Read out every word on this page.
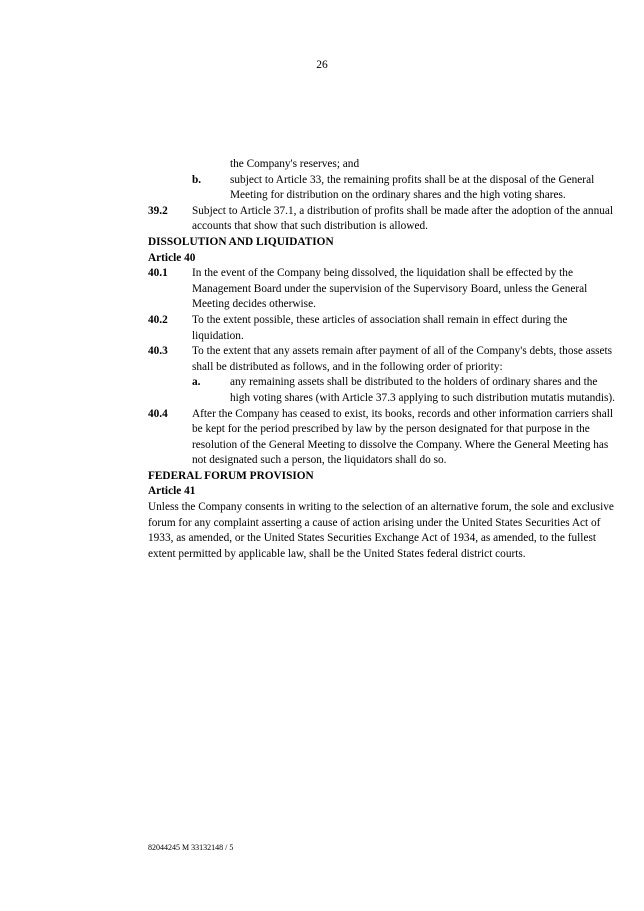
26

the Company's reserves; and

b.	subject to Article 33, the remaining profits shall be at the disposal of the General Meeting for distribution on the ordinary shares and the high voting shares.
39.2	Subject to Article 37.1, a distribution of profits shall be made after the adoption of the annual accounts that show that such distribution is allowed.

DISSOLUTION AND LIQUIDATION

Article 40

40.1	In the event of the Company being dissolved, the liquidation shall be effected by the Management Board under the supervision of the Supervisory Board, unless the General Meeting decides otherwise.
40.2	To the extent possible, these articles of association shall remain in effect during the liquidation.
40.3	To the extent that any assets remain after payment of all of the Company's debts, those assets shall be distributed as follows, and in the following order of priority:
a.	any remaining assets shall be distributed to the holders of ordinary shares and the high voting shares (with Article 37.3 applying to such distribution mutatis mutandis).
40.4	After the Company has ceased to exist, its books, records and other information carriers shall be kept for the period prescribed by law by the person designated for that purpose in the resolution of the General Meeting to dissolve the Company. Where the General Meeting has not designated such a person, the liquidators shall do so.

FEDERAL FORUM PROVISION

Article 41

Unless the Company consents in writing to the selection of an alternative forum, the sole and exclusive forum for any complaint asserting a cause of action arising under the United States Securities Act of 1933, as amended, or the United States Securities Exchange Act of 1934, as amended, to the fullest extent permitted by applicable law, shall be the United States federal district courts.

82044245 M 33132148 / 5
